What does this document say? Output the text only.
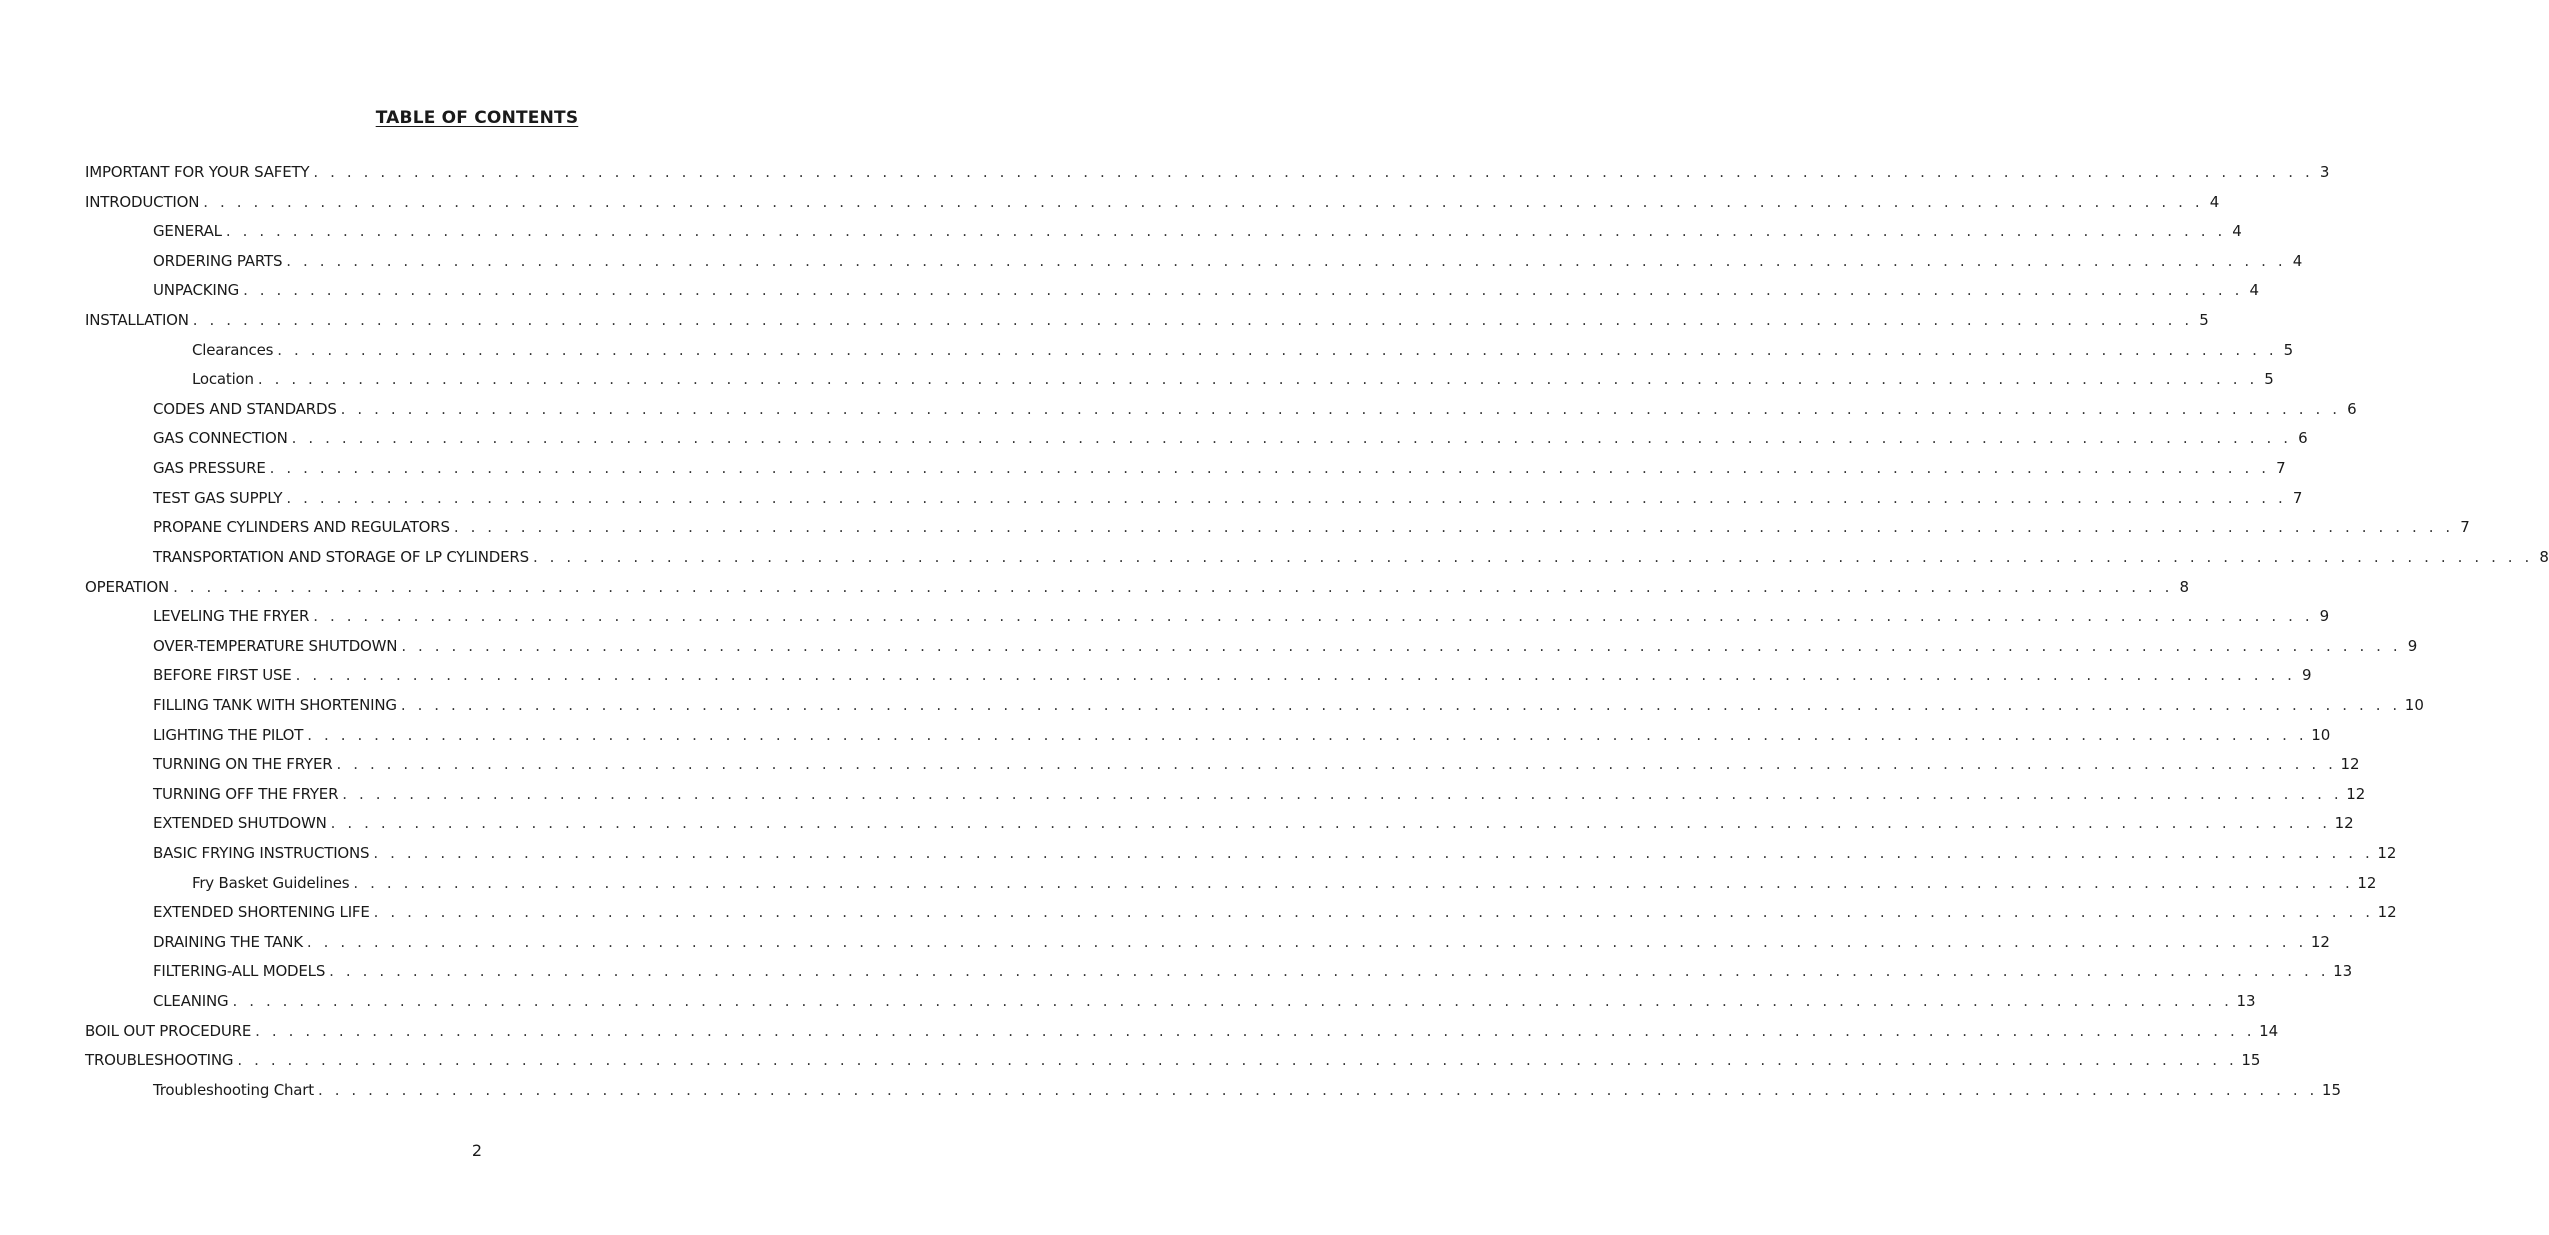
TABLE OF CONTENTS
IMPORTANT FOR YOUR SAFETY . . . . . . . . . . . . . . . . . . . . . . . . . . . . . . . . . . . . . . . . . . . . . . . . . . . . . . . . . . . . . . . . . . . . . . . . . . . . . . . . . . . . . . . . . . . . . . . . . . . . . . . . . . . . . . . . . . . . . . . . 3
INTRODUCTION . . . . . . . . . . . . . . . . . . . . . . . . . . . . . . . . . . . . . . . . . . . . . . . . . . . . . . . . . . . . . . . . . . . . . . . . . . . . . . . . . . . . . . . . . . . . . . . . . . . . . . . . . . . . . . . . . . . . . . . . 4
GENERAL . . . . . . . . . . . . . . . . . . . . . . . . . . . . . . . . . . . . . . . . . . . . . . . . . . . . . . . . . . . . . . . . . . . . . . . . . . . . . . . . . . . . . . . . . . . . . . . . . . . . . . . . . . . . . . . . . . . . . . . . 4
ORDERING PARTS . . . . . . . . . . . . . . . . . . . . . . . . . . . . . . . . . . . . . . . . . . . . . . . . . . . . . . . . . . . . . . . . . . . . . . . . . . . . . . . . . . . . . . . . . . . . . . . . . . . . . . . . . . . . . . . . . . . . . . . . 4
UNPACKING . . . . . . . . . . . . . . . . . . . . . . . . . . . . . . . . . . . . . . . . . . . . . . . . . . . . . . . . . . . . . . . . . . . . . . . . . . . . . . . . . . . . . . . . . . . . . . . . . . . . . . . . . . . . . . . . . . . . . . . . 4
INSTALLATION . . . . . . . . . . . . . . . . . . . . . . . . . . . . . . . . . . . . . . . . . . . . . . . . . . . . . . . . . . . . . . . . . . . . . . . . . . . . . . . . . . . . . . . . . . . . . . . . . . . . . . . . . . . . . . . . . . . . . . . . 5
Clearances . . . . . . . . . . . . . . . . . . . . . . . . . . . . . . . . . . . . . . . . . . . . . . . . . . . . . . . . . . . . . . . . . . . . . . . . . . . . . . . . . . . . . . . . . . . . . . . . . . . . . . . . . . . . . . . . . . . . . . . . 5
Location . . . . . . . . . . . . . . . . . . . . . . . . . . . . . . . . . . . . . . . . . . . . . . . . . . . . . . . . . . . . . . . . . . . . . . . . . . . . . . . . . . . . . . . . . . . . . . . . . . . . . . . . . . . . . . . . . . . . . . . . 5
CODES AND STANDARDS . . . . . . . . . . . . . . . . . . . . . . . . . . . . . . . . . . . . . . . . . . . . . . . . . . . . . . . . . . . . . . . . . . . . . . . . . . . . . . . . . . . . . . . . . . . . . . . . . . . . . . . . . . . . . . . . . . . . . . . . 6
GAS CONNECTION . . . . . . . . . . . . . . . . . . . . . . . . . . . . . . . . . . . . . . . . . . . . . . . . . . . . . . . . . . . . . . . . . . . . . . . . . . . . . . . . . . . . . . . . . . . . . . . . . . . . . . . . . . . . . . . . . . . . . . . . 6
GAS PRESSURE . . . . . . . . . . . . . . . . . . . . . . . . . . . . . . . . . . . . . . . . . . . . . . . . . . . . . . . . . . . . . . . . . . . . . . . . . . . . . . . . . . . . . . . . . . . . . . . . . . . . . . . . . . . . . . . . . . . . . . . . 7
TEST GAS SUPPLY . . . . . . . . . . . . . . . . . . . . . . . . . . . . . . . . . . . . . . . . . . . . . . . . . . . . . . . . . . . . . . . . . . . . . . . . . . . . . . . . . . . . . . . . . . . . . . . . . . . . . . . . . . . . . . . . . . . . . . . . 7
PROPANE CYLINDERS AND REGULATORS . . . . . . . . . . . . . . . . . . . . . . . . . . . . . . . . . . . . . . . . . . . . . . . . . . . . . . . . . . . . . . . . . . . . . . . . . . . . . . . . . . . . . . . . . . . . . . . . . . . . . . . . . . . . . . . . . . . . . . . . 7
TRANSPORTATION AND STORAGE OF LP CYLINDERS . . . . . . . . . . . . . . . . . . . . . . . . . . . . . . . . . . . . . . . . . . . . . . . . . . . . . . . . . . . . . . . . . . . . . . . . . . . . . . . . . . . . . . . . . . . . . . . . . . . . . . . . . . . . . . . . . . . . . . . . 8
OPERATION . . . . . . . . . . . . . . . . . . . . . . . . . . . . . . . . . . . . . . . . . . . . . . . . . . . . . . . . . . . . . . . . . . . . . . . . . . . . . . . . . . . . . . . . . . . . . . . . . . . . . . . . . . . . . . . . . . . . . . . . 8
LEVELING THE FRYER . . . . . . . . . . . . . . . . . . . . . . . . . . . . . . . . . . . . . . . . . . . . . . . . . . . . . . . . . . . . . . . . . . . . . . . . . . . . . . . . . . . . . . . . . . . . . . . . . . . . . . . . . . . . . . . . . . . . . . . . 9
OVER-TEMPERATURE SHUTDOWN . . . . . . . . . . . . . . . . . . . . . . . . . . . . . . . . . . . . . . . . . . . . . . . . . . . . . . . . . . . . . . . . . . . . . . . . . . . . . . . . . . . . . . . . . . . . . . . . . . . . . . . . . . . . . . . . . . . . . . . . 9
BEFORE FIRST USE . . . . . . . . . . . . . . . . . . . . . . . . . . . . . . . . . . . . . . . . . . . . . . . . . . . . . . . . . . . . . . . . . . . . . . . . . . . . . . . . . . . . . . . . . . . . . . . . . . . . . . . . . . . . . . . . . . . . . . . . 9
FILLING TANK WITH SHORTENING . . . . . . . . . . . . . . . . . . . . . . . . . . . . . . . . . . . . . . . . . . . . . . . . . . . . . . . . . . . . . . . . . . . . . . . . . . . . . . . . . . . . . . . . . . . . . . . . . . . . . . . . . . . . . . . . . . . . . . . . 10
LIGHTING THE PILOT . . . . . . . . . . . . . . . . . . . . . . . . . . . . . . . . . . . . . . . . . . . . . . . . . . . . . . . . . . . . . . . . . . . . . . . . . . . . . . . . . . . . . . . . . . . . . . . . . . . . . . . . . . . . . . . . . . . . . . . . 10
TURNING ON THE FRYER . . . . . . . . . . . . . . . . . . . . . . . . . . . . . . . . . . . . . . . . . . . . . . . . . . . . . . . . . . . . . . . . . . . . . . . . . . . . . . . . . . . . . . . . . . . . . . . . . . . . . . . . . . . . . . . . . . . . . . . . 12
TURNING OFF THE FRYER . . . . . . . . . . . . . . . . . . . . . . . . . . . . . . . . . . . . . . . . . . . . . . . . . . . . . . . . . . . . . . . . . . . . . . . . . . . . . . . . . . . . . . . . . . . . . . . . . . . . . . . . . . . . . . . . . . . . . . . . 12
EXTENDED SHUTDOWN . . . . . . . . . . . . . . . . . . . . . . . . . . . . . . . . . . . . . . . . . . . . . . . . . . . . . . . . . . . . . . . . . . . . . . . . . . . . . . . . . . . . . . . . . . . . . . . . . . . . . . . . . . . . . . . . . . . . . . . . 12
BASIC FRYING INSTRUCTIONS . . . . . . . . . . . . . . . . . . . . . . . . . . . . . . . . . . . . . . . . . . . . . . . . . . . . . . . . . . . . . . . . . . . . . . . . . . . . . . . . . . . . . . . . . . . . . . . . . . . . . . . . . . . . . . . . . . . . . . . . 12
Fry Basket Guidelines . . . . . . . . . . . . . . . . . . . . . . . . . . . . . . . . . . . . . . . . . . . . . . . . . . . . . . . . . . . . . . . . . . . . . . . . . . . . . . . . . . . . . . . . . . . . . . . . . . . . . . . . . . . . . . . . . . . . . . . . 12
EXTENDED SHORTENING LIFE . . . . . . . . . . . . . . . . . . . . . . . . . . . . . . . . . . . . . . . . . . . . . . . . . . . . . . . . . . . . . . . . . . . . . . . . . . . . . . . . . . . . . . . . . . . . . . . . . . . . . . . . . . . . . . . . . . . . . . . . 12
DRAINING THE TANK . . . . . . . . . . . . . . . . . . . . . . . . . . . . . . . . . . . . . . . . . . . . . . . . . . . . . . . . . . . . . . . . . . . . . . . . . . . . . . . . . . . . . . . . . . . . . . . . . . . . . . . . . . . . . . . . . . . . . . . . 12
FILTERING-ALL MODELS . . . . . . . . . . . . . . . . . . . . . . . . . . . . . . . . . . . . . . . . . . . . . . . . . . . . . . . . . . . . . . . . . . . . . . . . . . . . . . . . . . . . . . . . . . . . . . . . . . . . . . . . . . . . . . . . . . . . . . . . 13
CLEANING . . . . . . . . . . . . . . . . . . . . . . . . . . . . . . . . . . . . . . . . . . . . . . . . . . . . . . . . . . . . . . . . . . . . . . . . . . . . . . . . . . . . . . . . . . . . . . . . . . . . . . . . . . . . . . . . . . . . . . . . 13
BOIL OUT PROCEDURE . . . . . . . . . . . . . . . . . . . . . . . . . . . . . . . . . . . . . . . . . . . . . . . . . . . . . . . . . . . . . . . . . . . . . . . . . . . . . . . . . . . . . . . . . . . . . . . . . . . . . . . . . . . . . . . . . . . . . . . . 14
TROUBLESHOOTING . . . . . . . . . . . . . . . . . . . . . . . . . . . . . . . . . . . . . . . . . . . . . . . . . . . . . . . . . . . . . . . . . . . . . . . . . . . . . . . . . . . . . . . . . . . . . . . . . . . . . . . . . . . . . . . . . . . . . . . . 15
Troubleshooting Chart . . . . . . . . . . . . . . . . . . . . . . . . . . . . . . . . . . . . . . . . . . . . . . . . . . . . . . . . . . . . . . . . . . . . . . . . . . . . . . . . . . . . . . . . . . . . . . . . . . . . . . . . . . . . . . . . . . . . . . . . 15
2
